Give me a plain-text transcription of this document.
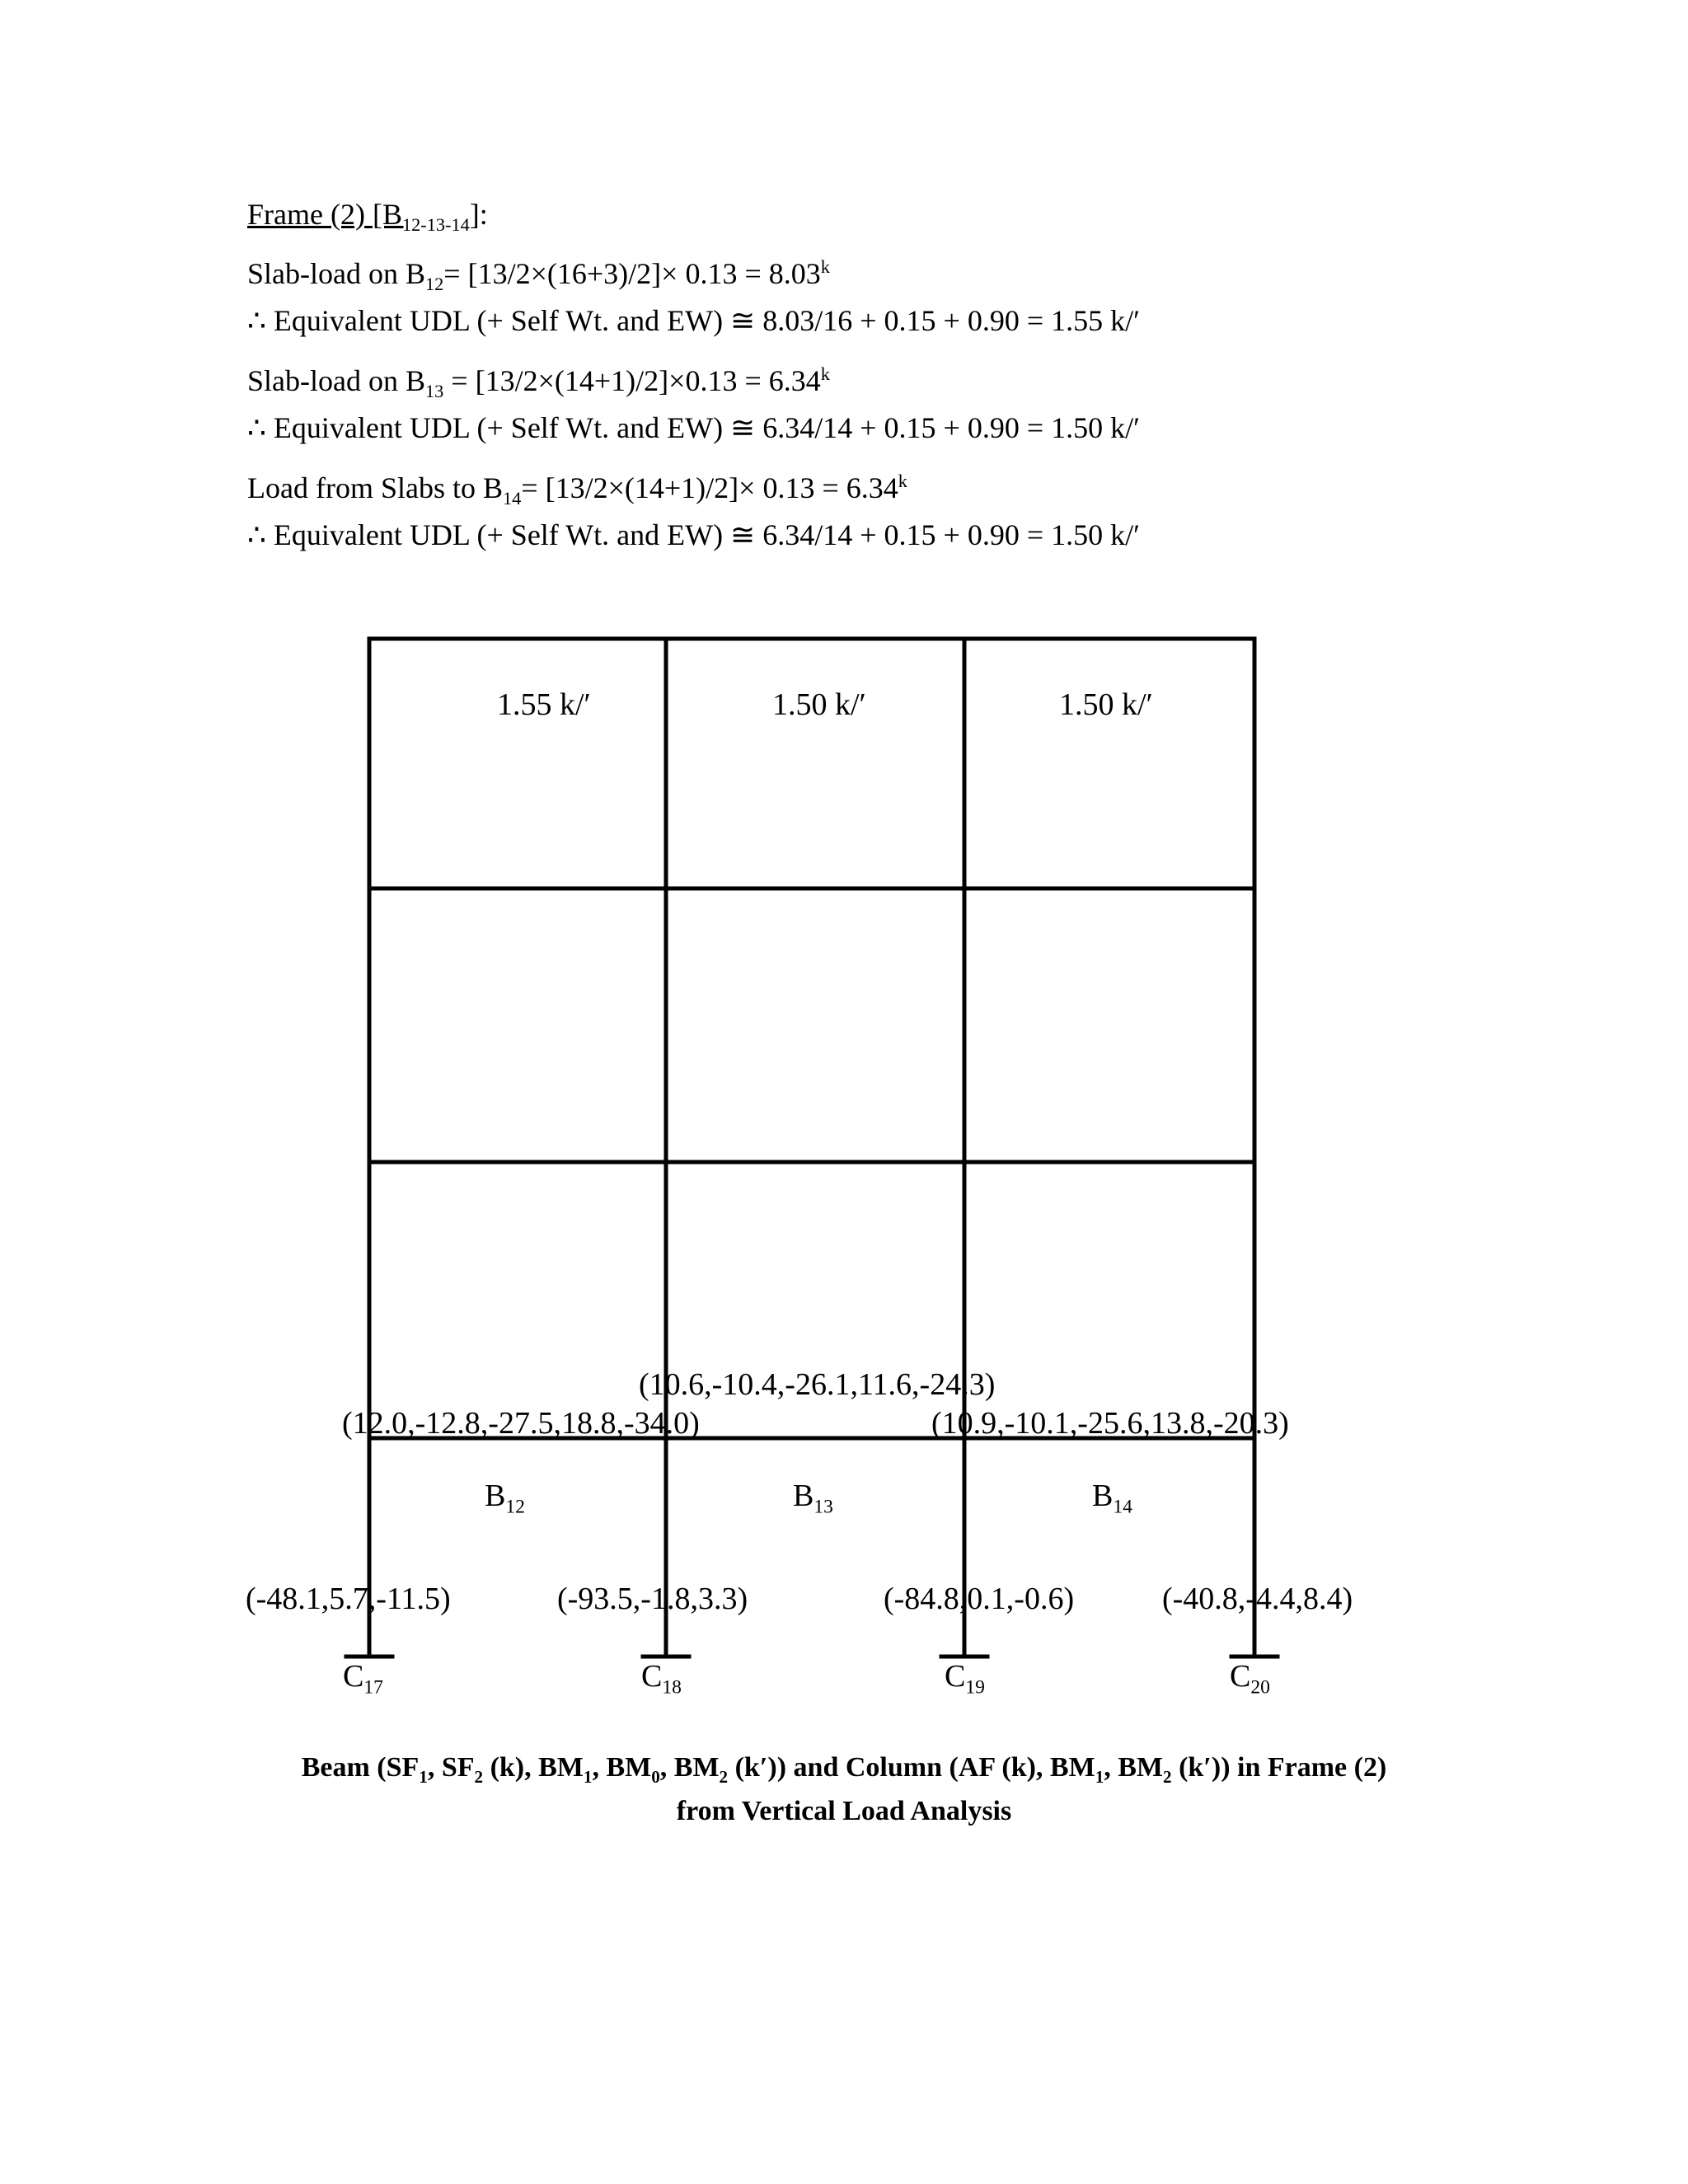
Frame (2) $[B_{12-13-14}]$:
Slab-load on $B_{12}= [13/2\times(16+3)/2]\times 0.13 = 8.03^k$
∴ Equivalent UDL (+ Self Wt. and EW) ≅ 8.03/16 + 0.15 + 0.90 = 1.55 k/′
Slab-load on $B_{13} = [13/2\times(14+1)/2]\times 0.13 = 6.34^k$
∴ Equivalent UDL (+ Self Wt. and EW) ≅ 6.34/14 + 0.15 + 0.90 = 1.50 k/′
Load from Slabs to $B_{14}= [13/2\times(14+1)/2]\times 0.13 = 6.34^k$
∴ Equivalent UDL (+ Self Wt. and EW) ≅ 6.34/14 + 0.15 + 0.90 = 1.50 k/′
1.55 k/′	1.50 k/′	1.50 k/′
(10.6,-10.4,-26.1,11.6,-24.3)
(12.0,-12.8,-27.5,18.8,-34.0)	(10.9,-10.1,-25.6,13.8,-20.3)
$B_{12}$	$B_{13}$	$B_{14}$
(-48.1,5.7,-11.5)	(-93.5,-1.8,3.3)	(-84.8,0.1,-0.6)	(-40.8,-4.4,8.4)
$C_{17}$	$C_{18}$	$C_{19}$	$C_{20}$
Beam ($SF_1$, $SF_2$ (k), $BM_1$, $BM_0$, $BM_2$ (k′)) and Column (AF (k), $BM_1$, $BM_2$ (k′)) in Frame (2)
from Vertical Load Analysis
